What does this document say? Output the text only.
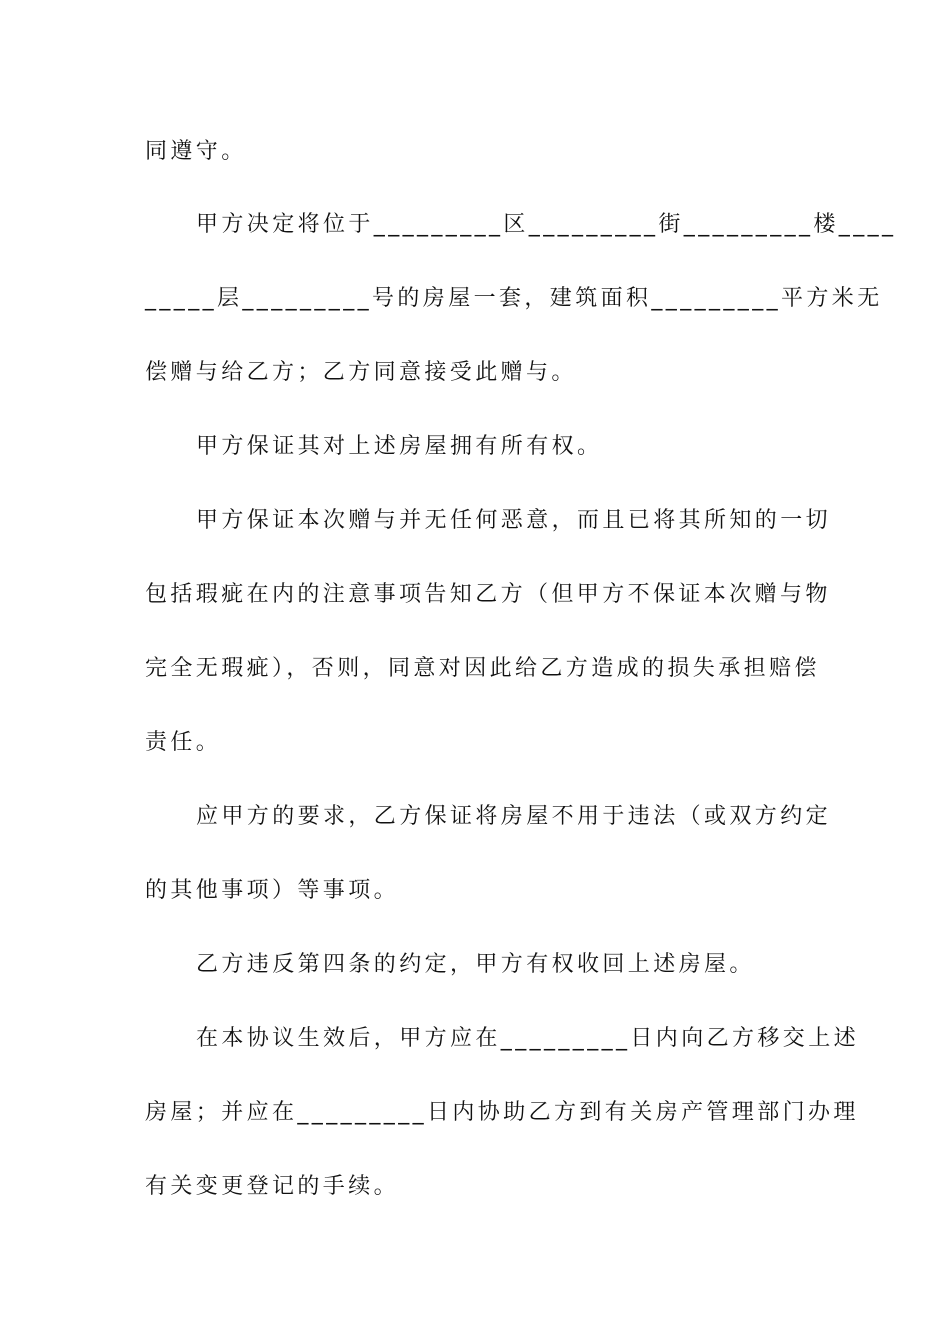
同遵守。
甲方决定将位于_________区_________街_________楼____
_____层_________号的房屋一套，建筑面积_________平方米无
偿赠与给乙方；乙方同意接受此赠与。
甲方保证其对上述房屋拥有所有权。
甲方保证本次赠与并无任何恶意，而且已将其所知的一切
包括瑕疵在内的注意事项告知乙方（但甲方不保证本次赠与物
完全无瑕疵），否则，同意对因此给乙方造成的损失承担赔偿
责任。
应甲方的要求，乙方保证将房屋不用于违法（或双方约定
的其他事项）等事项。
乙方违反第四条的约定，甲方有权收回上述房屋。
在本协议生效后，甲方应在_________日内向乙方移交上述
房屋；并应在_________日内协助乙方到有关房产管理部门办理
有关变更登记的手续。
